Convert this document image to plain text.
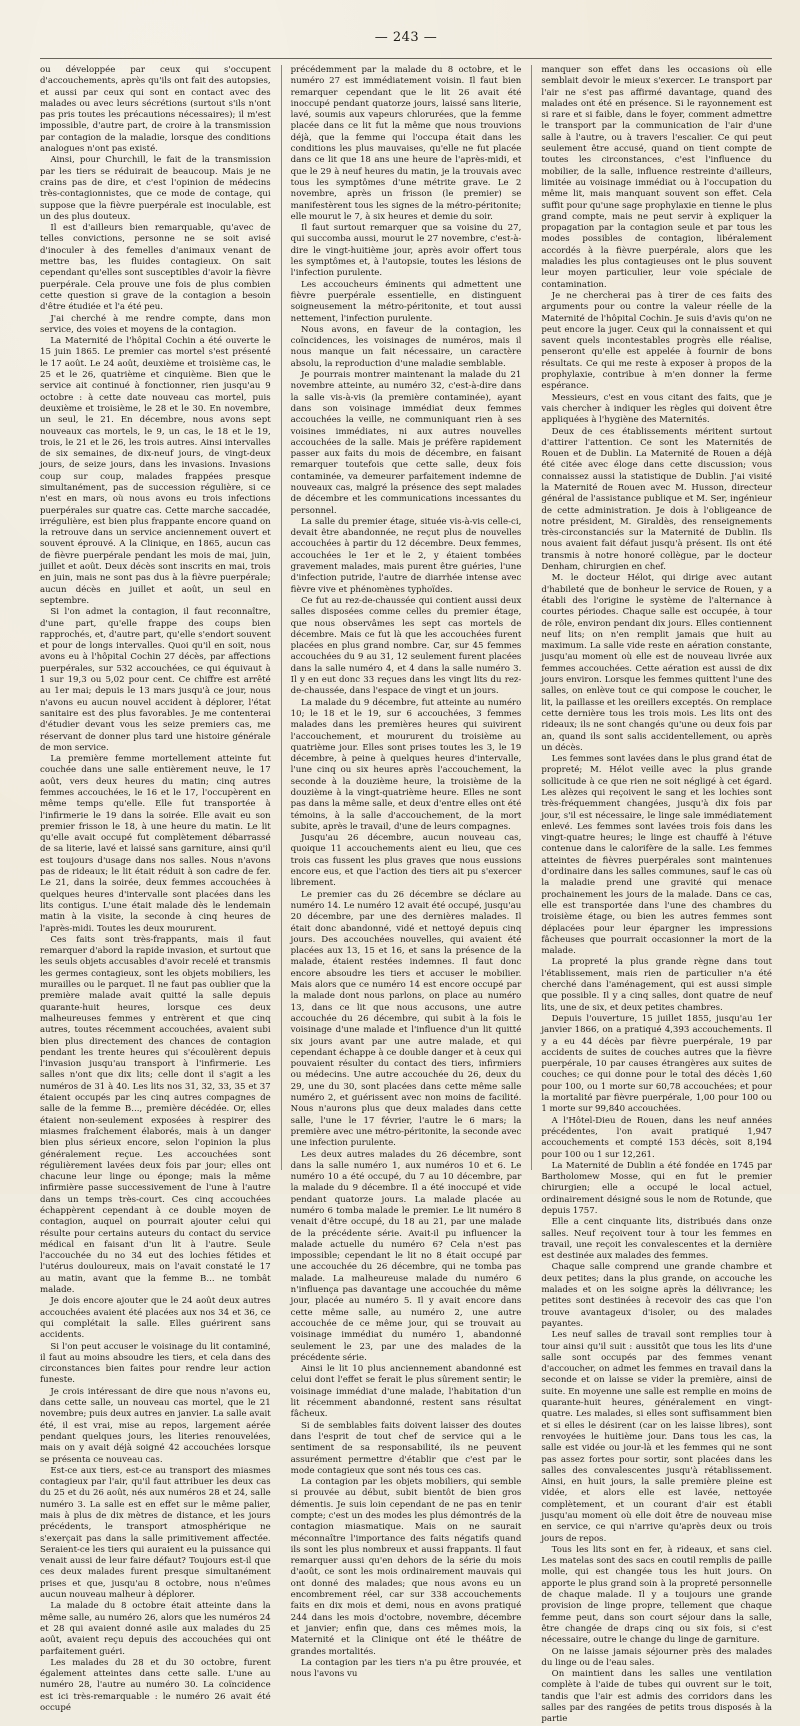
— 243 —

ou développée par ceux qui s'occupent d'accouchements, après qu'ils ont fait des autopsies, et aussi par ceux qui sont en contact avec des malades ou avec leurs sécrétions (surtout s'ils n'ont pas pris toutes les précautions nécessaires); il m'est impossible, d'autre part, de croire à la transmission par contagion de la maladie, lorsque des conditions analogues n'ont pas existé.

Ainsi, pour Churchill, le fait de la transmission par les tiers se réduirait de beaucoup. Mais je ne crains pas de dire, et c'est l'opinion de médecins très-contagionnistes, que ce mode de contage, qui suppose que la fièvre puerpérale est inoculable, est un des plus douteux.

Il est d'ailleurs bien remarquable, qu'avec de telles convictions, personne ne se soit avisé d'inoculer à des femelles d'animaux venant de mettre bas, les fluides contagieux. On sait cependant qu'elles sont susceptibles d'avoir la fièvre puerpérale. Cela prouve une fois de plus combien cette question si grave de la contagion a besoin d'être étudiée et l'a été peu.

J'ai cherché à me rendre compte, dans mon service, des voies et moyens de la contagion.

La Maternité de l'hôpital Cochin a été ouverte le 15 juin 1865. Le premier cas mortel s'est présenté le 17 août. Le 24 août, deuxième et troisième cas, le 25 et le 26, quatrième et cinquième. Bien que le service ait continué à fonctionner, rien jusqu'au 9 octobre : à cette date nouveau cas mortel, puis deuxième et troisième, le 28 et le 30. En novembre, un seul, le 21. En décembre, nous avons sept nouveaux cas mortels, le 9, un cas, le 18 et le 19, trois, le 21 et le 26, les trois autres. Ainsi intervalles de six semaines, de dix-neuf jours, de vingt-deux jours, de seize jours, dans les invasions. Invasions coup sur coup, malades frappées presque simultanément, pas de succession régulière, si ce n'est en mars, où nous avons eu trois infections puerpérales sur quatre cas. Cette marche saccadée, irrégulière, est bien plus frappante encore quand on la retrouve dans un service anciennement ouvert et souvent éprouvé. A la Clinique, en 1865, aucun cas de fièvre puerpérale pendant les mois de mai, juin, juillet et août. Deux décès sont inscrits en mai, trois en juin, mais ne sont pas dus à la fièvre puerpérale; aucun décès en juillet et août, un seul en septembre.

Si l'on admet la contagion, il faut reconnaître, d'une part, qu'elle frappe des coups bien rapprochés, et, d'autre part, qu'elle s'endort souvent et pour de longs intervalles. Quoi qu'il en soit, nous avons eu à l'hôpital Cochin 27 décès, par affections puerpérales, sur 532 accouchées, ce qui équivaut à 1 sur 19,3 ou 5,02 pour cent. Ce chiffre est arrêté au 1er mai; depuis le 13 mars jusqu'à ce jour, nous n'avons eu aucun nouvel accident à déplorer, l'état sanitaire est des plus favorables. Je me contenterai d'étudier devant vous les seize premiers cas, me réservant de donner plus tard une histoire générale de mon service.

La première femme mortellement atteinte fut couchée dans une salle entièrement neuve, le 17 août, vers deux heures du matin; cinq autres femmes accouchées, le 16 et le 17, l'occupèrent en même temps qu'elle. Elle fut transportée à l'infirmerie le 19 dans la soirée. Elle avait eu son premier frisson le 18, à une heure du matin. Le lit qu'elle avait occupé fut complètement débarrassé de sa literie, lavé et laissé sans garniture, ainsi qu'il est toujours d'usage dans nos salles. Nous n'avons pas de rideaux; le lit était réduit à son cadre de fer. Le 21, dans la soirée, deux femmes accouchées à quelques heures d'intervalle sont placées dans les lits contigus. L'une était malade dès le lendemain matin à la visite, la seconde à cinq heures de l'après-midi. Toutes les deux moururent.

Ces faits sont très-frappants, mais il faut remarquer d'abord la rapide invasion, et surtout que les seuls objets accusables d'avoir recelé et transmis les germes contagieux, sont les objets mobiliers, les murailles ou le parquet. Il ne faut pas oublier que la première malade avait quitté la salle depuis quarante-huit heures, lorsque ces deux malheureuses femmes y entrèrent et que cinq autres, toutes récemment accouchées, avaient subi bien plus directement des chances de contagion pendant les trente heures qui s'écoulèrent depuis l'invasion jusqu'au transport à l'infirmerie. Les salles n'ont que dix lits; celle dont il s'agit a les numéros de 31 à 40. Les lits nos 31, 32, 33, 35 et 37 étaient occupés par les cinq autres compagnes de salle de la femme B..., première décédée. Or, elles étaient non-seulement exposées à respirer des miasmes fraîchement élaborés, mais à un danger bien plus sérieux encore, selon l'opinion la plus généralement reçue. Les accouchées sont régulièrement lavées deux fois par jour; elles ont chacune leur linge ou éponge; mais la même infirmière passe successivement de l'une à l'autre dans un temps très-court. Ces cinq accouchées échappèrent cependant à ce double moyen de contagion, auquel on pourrait ajouter celui qui résulte pour certains auteurs du contact du service médical en faisant d'un lit à l'autre. Seule l'accouchée du no 34 eut des lochies fétides et l'utérus douloureux, mais on l'avait constaté le 17 au matin, avant que la femme B... ne tombât malade.

Je dois encore ajouter que le 24 août deux autres accouchées avaient été placées aux nos 34 et 36, ce qui complétait la salle. Elles guérirent sans accidents.

Si l'on peut accuser le voisinage du lit contaminé, il faut au moins absoudre les tiers, et cela dans des circonstances bien faites pour rendre leur action funeste.

Je crois intéressant de dire que nous n'avons eu, dans cette salle, un nouveau cas mortel, que le 21 novembre; puis deux autres en janvier. La salle avait été, il est vrai, mise au repos, largement aérée pendant quelques jours, les literies renouvelées, mais on y avait déjà soigné 42 accouchées lorsque se présenta ce nouveau cas.

Est-ce aux tiers, est-ce au transport des miasmes contagieux par l'air, qu'il faut attribuer les deux cas du 25 et du 26 août, nés aux numéros 28 et 24, salle numéro 3. La salle est en effet sur le même palier, mais à plus de dix mètres de distance, et les jours précédents, le transport atmosphérique ne s'exerçait pas dans la salle primitivement affectée. Seraient-ce les tiers qui auraient eu la puissance qui venait aussi de leur faire défaut? Toujours est-il que ces deux malades furent presque simultanément prises et que, jusqu'au 8 octobre, nous n'eûmes aucun nouveau malheur à déplorer.

La malade du 8 octobre était atteinte dans la même salle, au numéro 26, alors que les numéros 24 et 28 qui avaient donné asile aux malades du 25 août, avaient reçu depuis des accouchées qui ont parfaitement guéri.

Les malades du 28 et du 30 octobre, furent également atteintes dans cette salle. L'une au numéro 28, l'autre au numéro 30. La coïncidence est ici très-remarquable : le numéro 26 avait été occupé

précédemment par la malade du 8 octobre, et le numéro 27 est immédiatement voisin. Il faut bien remarquer cependant que le lit 26 avait été inoccupé pendant quatorze jours, laissé sans literie, lavé, soumis aux vapeurs chlorurées, que la femme placée dans ce lit fut la même que nous trouvions déjà, que la femme qui l'occupa était dans les conditions les plus mauvaises, qu'elle ne fut placée dans ce lit que 18 ans une heure de l'après-midi, et que le 29 à neuf heures du matin, je la trouvais avec tous les symptômes d'une métrite grave. Le 2 novembre, après un frisson (le premier) se manifestèrent tous les signes de la métro-péritonite; elle mourut le 7, à six heures et demie du soir.

Il faut surtout remarquer que sa voisine du 27, qui succomba aussi, mourut le 27 novembre, c'est-à-dire le vingt-huitième jour, après avoir offert tous les symptômes et, à l'autopsie, toutes les lésions de l'infection purulente.

Les accoucheurs éminents qui admettent une fièvre puerpérale essentielle, en distinguent soigneusement la métro-péritonite, et tout aussi nettement, l'infection purulente.

Nous avons, en faveur de la contagion, les coïncidences, les voisinages de numéros, mais il nous manque un fait nécessaire, un caractère absolu, la reproduction d'une maladie semblable.

Je pourrais montrer maintenant la malade du 21 novembre atteinte, au numéro 32, c'est-à-dire dans la salle vis-à-vis (la première contaminée), ayant dans son voisinage immédiat deux femmes accouchées la veille, ne communiquant rien à ses voisines immédiates, ni aux autres nouvelles accouchées de la salle. Mais je préfère rapidement passer aux faits du mois de décembre, en faisant remarquer toutefois que cette salle, deux fois contaminée, va demeurer parfaitement indemne de nouveaux cas, malgré la présence des sept malades de décembre et les communications incessantes du personnel.

La salle du premier étage, située vis-à-vis celle-ci, devait être abandonnée, ne reçut plus de nouvelles accouchées à partir du 12 décembre. Deux femmes, accouchées le 1er et le 2, y étaient tombées gravement malades, mais purent être guéries, l'une d'infection putride, l'autre de diarrhée intense avec fièvre vive et phénomènes typhoïdes.

Ce fut au rez-de-chaussée qui contient aussi deux salles disposées comme celles du premier étage, que nous observâmes les sept cas mortels de décembre. Mais ce fut là que les accouchées furent placées en plus grand nombre. Car, sur 45 femmes accouchées du 9 au 31, 12 seulement furent placées dans la salle numéro 4, et 4 dans la salle numéro 3. Il y en eut donc 33 reçues dans les vingt lits du rez-de-chaussée, dans l'espace de vingt et un jours.

La malade du 9 décembre, fut atteinte au numéro 10; le 18 et le 19, sur 6 accouchées, 3 femmes malades dans les premières heures qui suivirent l'accouchement, et moururent du troisième au quatrième jour. Elles sont prises toutes les 3, le 19 décembre, à peine à quelques heures d'intervalle, l'une cinq ou six heures après l'accouchement, la seconde à la douzième heure, la troisième de la douzième à la vingt-quatrième heure. Elles ne sont pas dans la même salle, et deux d'entre elles ont été témoins, à la salle d'accouchement, de la mort subite, après le travail, d'une de leurs compagnes.

Jusqu'au 26 décembre, aucun nouveau cas, quoique 11 accouchements aient eu lieu, que ces trois cas fussent les plus graves que nous eussions encore eus, et que l'action des tiers ait pu s'exercer librement.

Le premier cas du 26 décembre se déclare au numéro 14. Le numéro 12 avait été occupé, jusqu'au 20 décembre, par une des dernières malades. Il était donc abandonné, vidé et nettoyé depuis cinq jours. Des accouchées nouvelles, qui avaient été placées aux 13, 15 et 16, et sans la présence de la malade, étaient restées indemnes. Il faut donc encore absoudre les tiers et accuser le mobilier. Mais alors que ce numéro 14 est encore occupé par la malade dont nous parlons, on place au numéro 13, dans ce lit que nous accusons, une autre accouchée du 26 décembre, qui subit à la fois le voisinage d'une malade et l'influence d'un lit quitté six jours avant par une autre malade, et qui cependant échappe à ce double danger et à ceux qui pouvaient résulter du contact des tiers, infirmiers ou médecins. Une autre accouchée du 26, deux du 29, une du 30, sont placées dans cette même salle numéro 2, et guérissent avec non moins de facilité. Nous n'aurons plus que deux malades dans cette salle, l'une le 17 février, l'autre le 6 mars; la première avec une métro-péritonite, la seconde avec une infection purulente.

Les deux autres malades du 26 décembre, sont dans la salle numéro 1, aux numéros 10 et 6. Le numéro 10 a été occupé, du 7 au 10 décembre, par la malade du 9 décembre. Il a été inoccupé et vide pendant quatorze jours. La malade placée au numéro 6 tomba malade le premier. Le lit numéro 8 venait d'être occupé, du 18 au 21, par une malade de la précédente série. Avait-il pu influencer la malade actuelle du numéro 6? Cela n'est pas impossible; cependant le lit no 8 était occupé par une accouchée du 26 décembre, qui ne tomba pas malade. La malheureuse malade du numéro 6 n'influença pas davantage une accouchée du même jour, placée au numéro 5. Il y avait encore dans cette même salle, au numéro 2, une autre accouchée de ce même jour, qui se trouvait au voisinage immédiat du numéro 1, abandonné seulement le 23, par une des malades de la précédente série.

Ainsi le lit 10 plus anciennement abandonné est celui dont l'effet se ferait le plus sûrement sentir; le voisinage immédiat d'une malade, l'habitation d'un lit récemment abandonné, restent sans résultat fâcheux.

Si de semblables faits doivent laisser des doutes dans l'esprit de tout chef de service qui a le sentiment de sa responsabilité, ils ne peuvent assurément permettre d'établir que c'est par le mode contagieux que sont nés tous ces cas.

La contagion par les objets mobiliers, qui semble si prouvée au début, subit bientôt de bien gros démentis. Je suis loin cependant de ne pas en tenir compte; c'est un des modes les plus démontrés de la contagion miasmatique. Mais on ne saurait méconnaître l'importance des faits négatifs quand ils sont les plus nombreux et aussi frappants. Il faut remarquer aussi qu'en dehors de la série du mois d'août, ce sont les mois ordinairement mauvais qui ont donné des malades; que nous avons eu un encombrement réel, car sur 338 accouchements faits en dix mois et demi, nous en avons pratiqué 244 dans les mois d'octobre, novembre, décembre et janvier; enfin que, dans ces mêmes mois, la Maternité et la Clinique ont été le théâtre de grandes mortalités.

La contagion par les tiers n'a pu être prouvée, et nous l'avons vu

manquer son effet dans les occasions où elle semblait devoir le mieux s'exercer. Le transport par l'air ne s'est pas affirmé davantage, quand des malades ont été en présence. Si le rayonnement est si rare et si faible, dans le foyer, comment admettre le transport par la communication de l'air d'une salle à l'autre, ou à travers l'escalier. Ce qui peut seulement être accusé, quand on tient compte de toutes les circonstances, c'est l'influence du mobilier, de la salle, influence restreinte d'ailleurs, limitée au voisinage immédiat ou à l'occupation du même lit, mais manquant souvent son effet. Cela suffit pour qu'une sage prophylaxie en tienne le plus grand compte, mais ne peut servir à expliquer la propagation par la contagion seule et par tous les modes possibles de contagion, libéralement accordés à la fièvre puerpérale, alors que les maladies les plus contagieuses ont le plus souvent leur moyen particulier, leur voie spéciale de contamination.

Je ne chercherai pas à tirer de ces faits des arguments pour ou contre la valeur réelle de la Maternité de l'hôpital Cochin. Je suis d'avis qu'on ne peut encore la juger. Ceux qui la connaissent et qui savent quels incontestables progrès elle réalise, penseront qu'elle est appelée à fournir de bons résultats. Ce qui me reste à exposer à propos de la prophylaxie, contribue à m'en donner la ferme espérance.

Messieurs, c'est en vous citant des faits, que je vais chercher à indiquer les règles qui doivent être appliquées à l'hygiène des Maternités.

Deux de ces établissements méritent surtout d'attirer l'attention. Ce sont les Maternités de Rouen et de Dublin. La Maternité de Rouen a déjà été citée avec éloge dans cette discussion; vous connaissez aussi la statistique de Dublin. J'ai visité la Maternité de Rouen avec M. Husson, directeur général de l'assistance publique et M. Ser, ingénieur de cette administration. Je dois à l'obligeance de notre président, M. Giraldès, des renseignements très-circonstanciés sur la Maternité de Dublin. Ils nous avaient fait défaut jusqu'à présent. Ils ont été transmis à notre honoré collègue, par le docteur Denham, chirurgien en chef.

M. le docteur Hélot, qui dirige avec autant d'habileté que de bonheur le service de Rouen, y a établi des l'origine le système de l'alternance à courtes périodes. Chaque salle est occupée, à tour de rôle, environ pendant dix jours. Elles contiennent neuf lits; on n'en remplit jamais que huit au maximum. La salle vide reste en aération constante, jusqu'au moment où elle est de nouveau livrée aux femmes accouchées. Cette aération est aussi de dix jours environ. Lorsque les femmes quittent l'une des salles, on enlève tout ce qui compose le coucher, le lit, la paillasse et les oreillers exceptés. On remplace cette dernière tous les trois mois. Les lits ont des rideaux; ils ne sont changés qu'une ou deux fois par an, quand ils sont salis accidentellement, ou après un décès.

Les femmes sont lavées dans le plus grand état de propreté; M. Hélot veille avec la plus grande sollicitude à ce que rien ne soit négligé à cet égard. Les alèzes qui reçoivent le sang et les lochies sont très-fréquemment changées, jusqu'à dix fois par jour, s'il est nécessaire, le linge sale immédiatement enlevé. Les femmes sont lavées trois fois dans les vingt-quatre heures; le linge est chauffé à l'étuve contenue dans le calorifère de la salle. Les femmes atteintes de fièvres puerpérales sont maintenues d'ordinaire dans les salles communes, sauf le cas où la maladie prend une gravité qui menace prochainement les jours de la malade. Dans ce cas, elle est transportée dans l'une des chambres du troisième étage, ou bien les autres femmes sont déplacées pour leur épargner les impressions fâcheuses que pourrait occasionner la mort de la malade.

La propreté la plus grande règne dans tout l'établissement, mais rien de particulier n'a été cherché dans l'aménagement, qui est aussi simple que possible. Il y a cinq salles, dont quatre de neuf lits, une de six, et deux petites chambres.

Depuis l'ouverture, 15 juillet 1855, jusqu'au 1er janvier 1866, on a pratiqué 4,393 accouchements. Il y a eu 44 décès par fièvre puerpérale, 19 par accidents de suites de couches autres que la fièvre puerpérale, 10 par causes étrangères aux suites de couches; ce qui donne pour le total des décès 1,60 pour 100, ou 1 morte sur 60,78 accouchées; et pour la mortalité par fièvre puerpérale, 1,00 pour 100 ou 1 morte sur 99,840 accouchées.

A l'Hôtel-Dieu de Rouen, dans les neuf années précédentes, l'on avait pratiqué 1,947 accouchements et compté 153 décès, soit 8,194 pour 100 ou 1 sur 12,261.

La Maternité de Dublin a été fondée en 1745 par Bartholomew Mosse, qui en fut le premier chirurgien; elle a occupé le local actuel, ordinairement désigné sous le nom de Rotunde, que depuis 1757.

Elle a cent cinquante lits, distribués dans onze salles. Neuf reçoivent tour à tour les femmes en travail, une reçoit les convalescentes et la dernière est destinée aux malades des femmes.

Chaque salle comprend une grande chambre et deux petites; dans la plus grande, on accouche les malades et on les soigne après la délivrance; les petites sont destinées à recevoir des cas que l'on trouve avantageux d'isoler, ou des malades payantes.

Les neuf salles de travail sont remplies tour à tour ainsi qu'il suit : aussitôt que tous les lits d'une salle sont occupés par des femmes venant d'accoucher, on admet les femmes en travail dans la seconde et on laisse se vider la première, ainsi de suite. En moyenne une salle est remplie en moins de quarante-huit heures, généralement en vingt-quatre. Les malades, si elles sont suffisamment bien et si elles le désirent (car on les laisse libres), sont renvoyées le huitième jour. Dans tous les cas, la salle est vidée ou jour-là et les femmes qui ne sont pas assez fortes pour sortir, sont placées dans les salles des convalescentes jusqu'à rétablissement. Ainsi, en huit jours, la salle première pleine est vidée, et alors elle est lavée, nettoyée complètement, et un courant d'air est établi jusqu'au moment où elle doit être de nouveau mise en service, ce qui n'arrive qu'après deux ou trois jours de repos.

Tous les lits sont en fer, à rideaux, et sans ciel. Les matelas sont des sacs en coutil remplis de paille molle, qui est changée tous les huit jours. On apporte le plus grand soin à la propreté personnelle de chaque malade. Il y a toujours une grande provision de linge propre, tellement que chaque femme peut, dans son court séjour dans la salle, être changée de draps cinq ou six fois, si c'est nécessaire, outre le change du linge de garniture.

On ne laisse jamais séjourner près des malades du linge ou de l'eau sales.

On maintient dans les salles une ventilation complète à l'aide de tubes qui ouvrent sur le toit, tandis que l'air est admis des corridors dans les salles par des rangées de petits trous disposés à la partie
